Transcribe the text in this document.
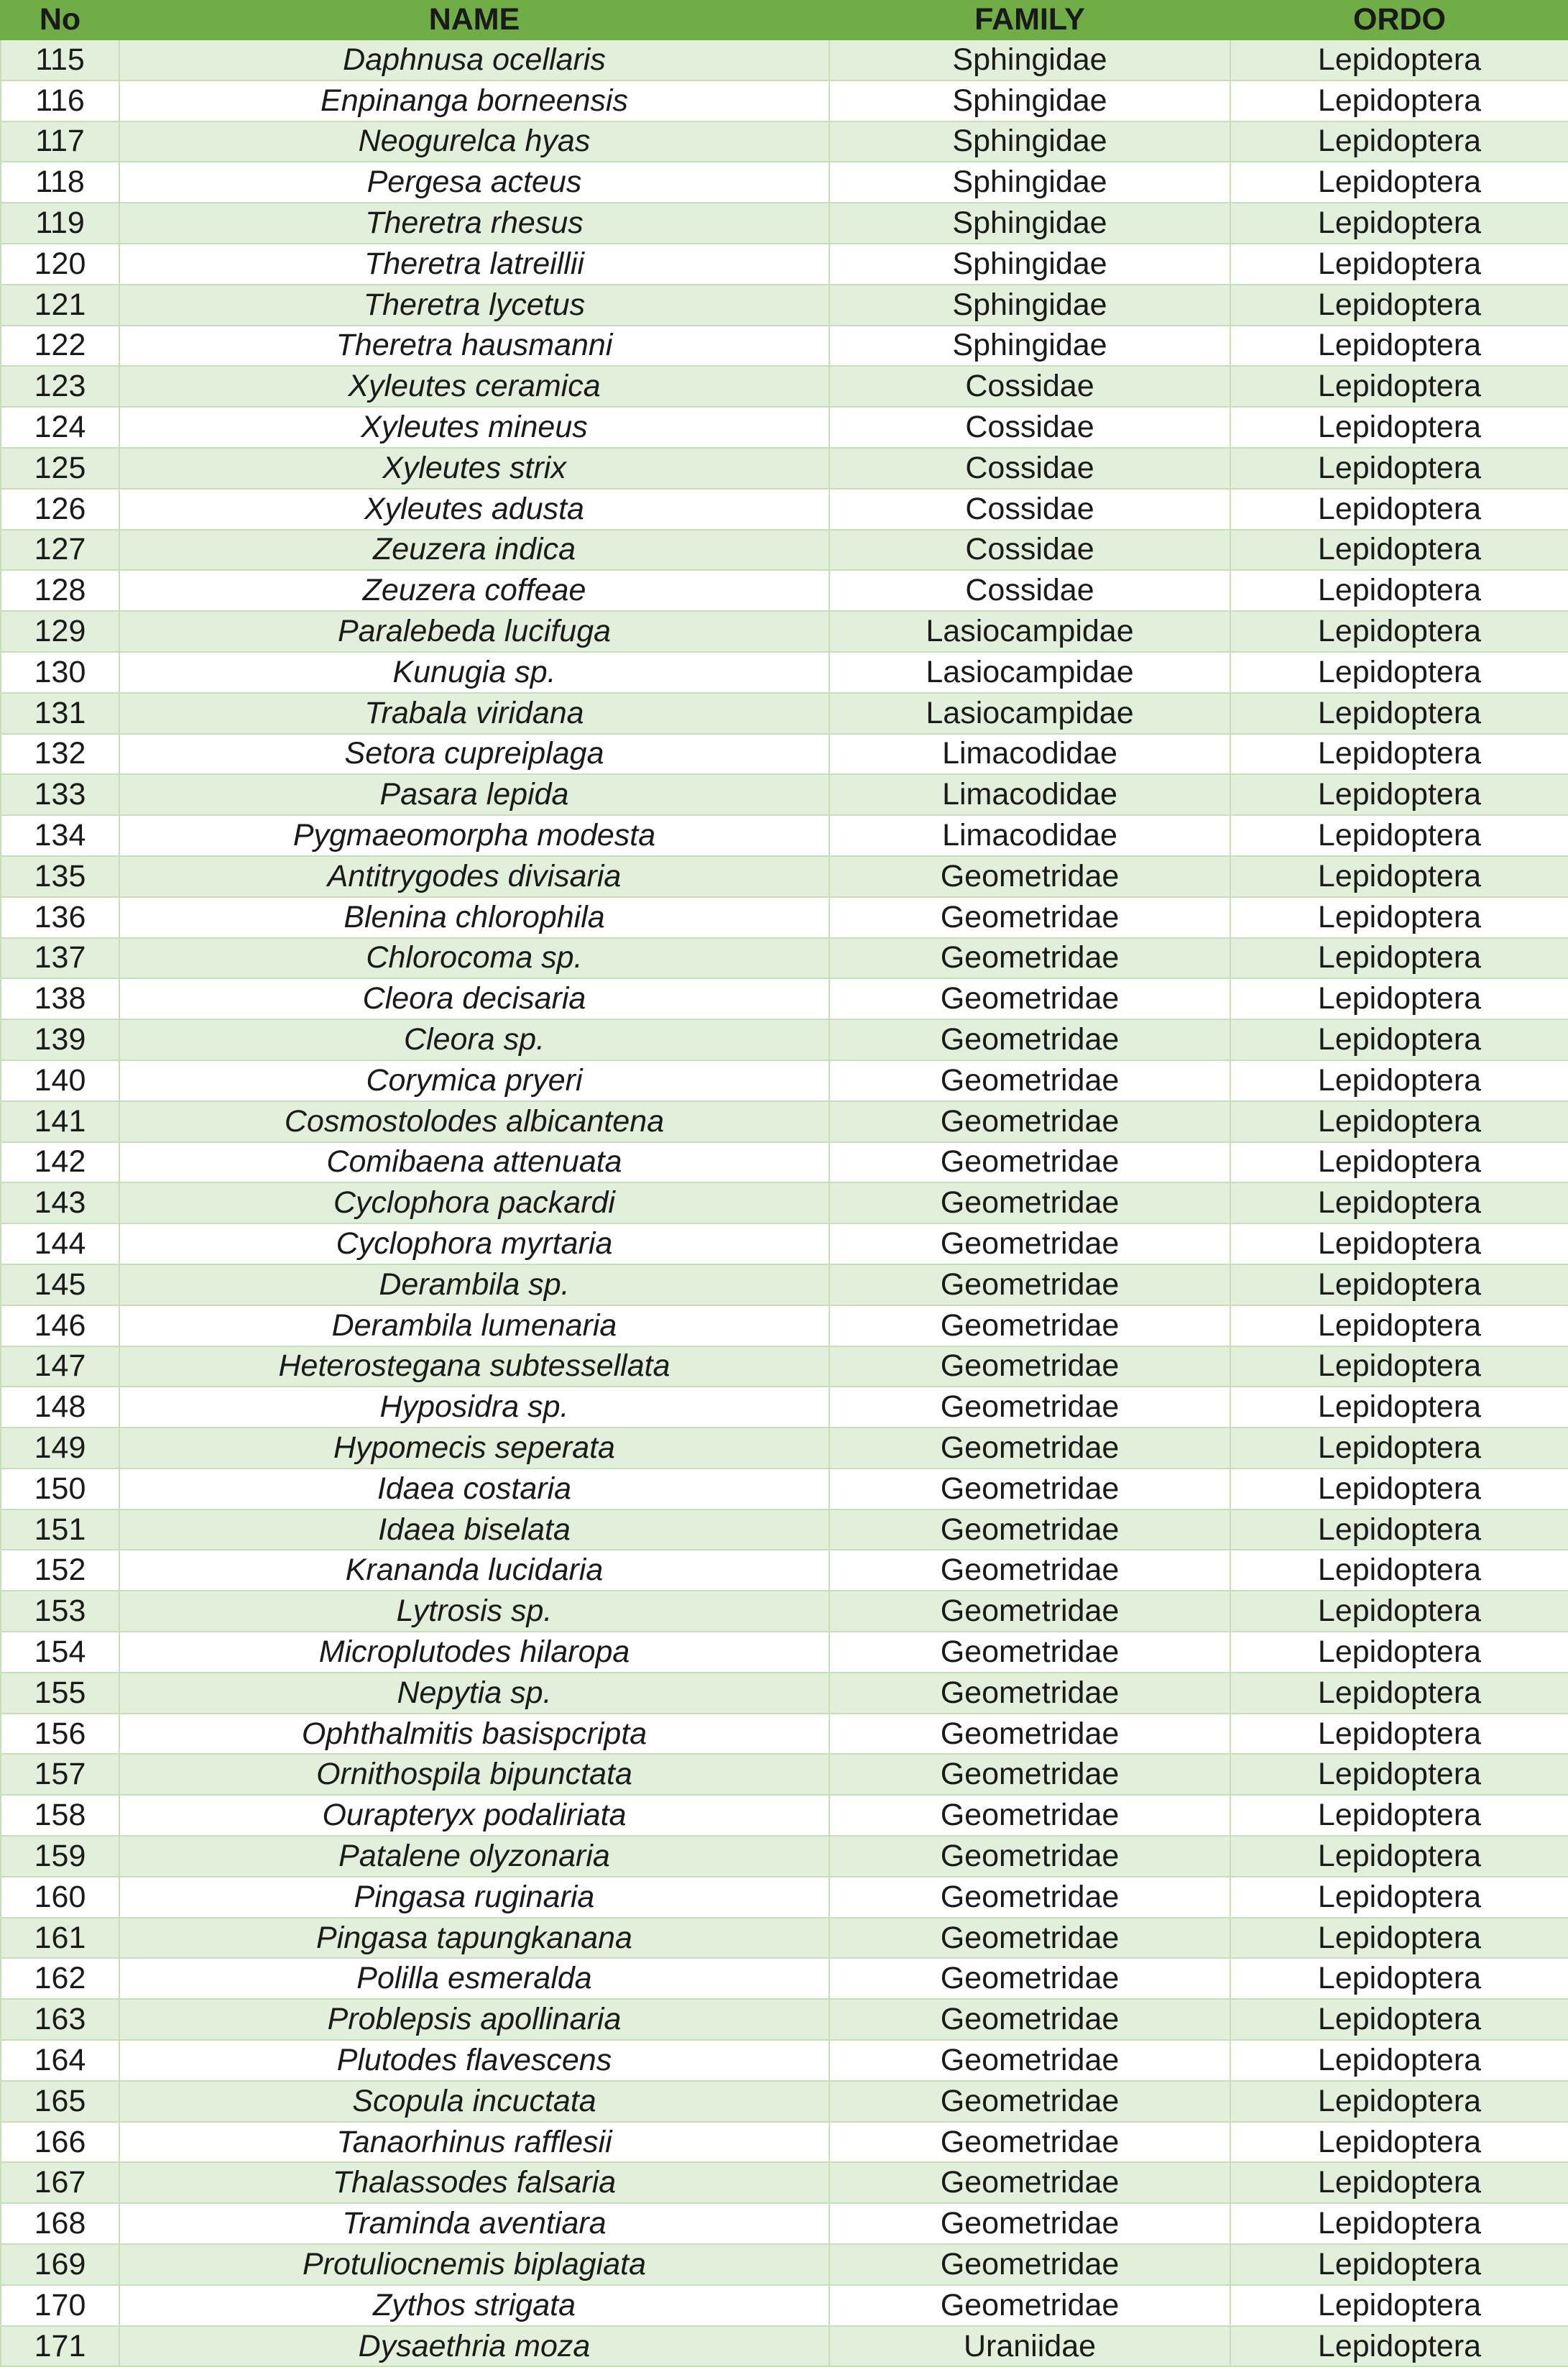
No	NAME	FAMILY	ORDO
115	Daphnusa ocellaris	Sphingidae	Lepidoptera
116	Enpinanga borneensis	Sphingidae	Lepidoptera
117	Neogurelca hyas	Sphingidae	Lepidoptera
118	Pergesa acteus	Sphingidae	Lepidoptera
119	Theretra rhesus	Sphingidae	Lepidoptera
120	Theretra latreillii	Sphingidae	Lepidoptera
121	Theretra lycetus	Sphingidae	Lepidoptera
122	Theretra hausmanni	Sphingidae	Lepidoptera
123	Xyleutes ceramica	Cossidae	Lepidoptera
124	Xyleutes mineus	Cossidae	Lepidoptera
125	Xyleutes strix	Cossidae	Lepidoptera
126	Xyleutes adusta	Cossidae	Lepidoptera
127	Zeuzera indica	Cossidae	Lepidoptera
128	Zeuzera coffeae	Cossidae	Lepidoptera
129	Paralebeda lucifuga	Lasiocampidae	Lepidoptera
130	Kunugia sp.	Lasiocampidae	Lepidoptera
131	Trabala viridana	Lasiocampidae	Lepidoptera
132	Setora cupreiplaga	Limacodidae	Lepidoptera
133	Pasara lepida	Limacodidae	Lepidoptera
134	Pygmaeomorpha modesta	Limacodidae	Lepidoptera
135	Antitrygodes divisaria	Geometridae	Lepidoptera
136	Blenina chlorophila	Geometridae	Lepidoptera
137	Chlorocoma sp.	Geometridae	Lepidoptera
138	Cleora decisaria	Geometridae	Lepidoptera
139	Cleora sp.	Geometridae	Lepidoptera
140	Corymica pryeri	Geometridae	Lepidoptera
141	Cosmostolodes albicantena	Geometridae	Lepidoptera
142	Comibaena attenuata	Geometridae	Lepidoptera
143	Cyclophora packardi	Geometridae	Lepidoptera
144	Cyclophora myrtaria	Geometridae	Lepidoptera
145	Derambila sp.	Geometridae	Lepidoptera
146	Derambila lumenaria	Geometridae	Lepidoptera
147	Heterostegana subtessellata	Geometridae	Lepidoptera
148	Hyposidra sp.	Geometridae	Lepidoptera
149	Hypomecis seperata	Geometridae	Lepidoptera
150	Idaea costaria	Geometridae	Lepidoptera
151	Idaea biselata	Geometridae	Lepidoptera
152	Krananda lucidaria	Geometridae	Lepidoptera
153	Lytrosis sp.	Geometridae	Lepidoptera
154	Microplutodes hilaropa	Geometridae	Lepidoptera
155	Nepytia sp.	Geometridae	Lepidoptera
156	Ophthalmitis basispcripta	Geometridae	Lepidoptera
157	Ornithospila bipunctata	Geometridae	Lepidoptera
158	Ourapteryx podaliriata	Geometridae	Lepidoptera
159	Patalene olyzonaria	Geometridae	Lepidoptera
160	Pingasa ruginaria	Geometridae	Lepidoptera
161	Pingasa tapungkanana	Geometridae	Lepidoptera
162	Polilla esmeralda	Geometridae	Lepidoptera
163	Problepsis apollinaria	Geometridae	Lepidoptera
164	Plutodes flavescens	Geometridae	Lepidoptera
165	Scopula incuctata	Geometridae	Lepidoptera
166	Tanaorhinus rafflesii	Geometridae	Lepidoptera
167	Thalassodes falsaria	Geometridae	Lepidoptera
168	Traminda aventiara	Geometridae	Lepidoptera
169	Protuliocnemis biplagiata	Geometridae	Lepidoptera
170	Zythos strigata	Geometridae	Lepidoptera
171	Dysaethria moza	Uraniidae	Lepidoptera
